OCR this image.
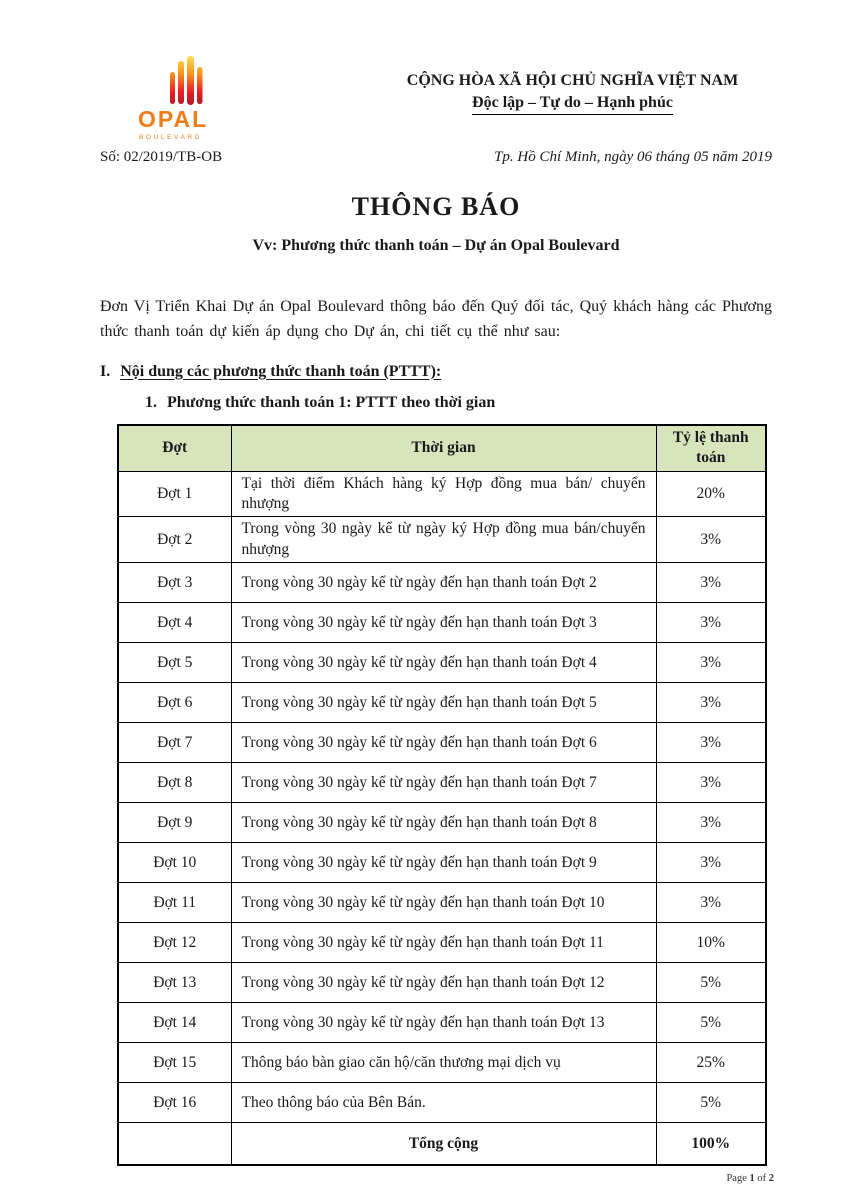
OPAL
BOULEVARD
CỘNG HÒA XÃ HỘI CHỦ NGHĨA VIỆT NAM
Độc lập – Tự do – Hạnh phúc
Số: 02/2019/TB-OB	Tp. Hồ Chí Minh, ngày 06 tháng 05 năm 2019
THÔNG BÁO
Vv: Phương thức thanh toán – Dự án Opal Boulevard

Đơn Vị Triển Khai Dự án Opal Boulevard thông báo đến Quý đối tác, Quý khách hàng các Phương thức thanh toán dự kiến áp dụng cho Dự án, chi tiết cụ thể như sau:

I. Nội dung các phương thức thanh toán (PTTT):
1. Phương thức thanh toán 1: PTTT theo thời gian
Đợt	Thời gian	Tỷ lệ thanh toán
Đợt 1	Tại thời điểm Khách hàng ký Hợp đồng mua bán/ chuyển nhượng	20%
Đợt 2	Trong vòng 30 ngày kể từ ngày ký Hợp đồng mua bán/chuyển nhượng	3%
Đợt 3	Trong vòng 30 ngày kể từ ngày đến hạn thanh toán Đợt 2	3%
Đợt 4	Trong vòng 30 ngày kể từ ngày đến hạn thanh toán Đợt 3	3%
Đợt 5	Trong vòng 30 ngày kể từ ngày đến hạn thanh toán Đợt 4	3%
Đợt 6	Trong vòng 30 ngày kể từ ngày đến hạn thanh toán Đợt 5	3%
Đợt 7	Trong vòng 30 ngày kể từ ngày đến hạn thanh toán Đợt 6	3%
Đợt 8	Trong vòng 30 ngày kể từ ngày đến hạn thanh toán Đợt 7	3%
Đợt 9	Trong vòng 30 ngày kể từ ngày đến hạn thanh toán Đợt 8	3%
Đợt 10	Trong vòng 30 ngày kể từ ngày đến hạn thanh toán Đợt 9	3%
Đợt 11	Trong vòng 30 ngày kể từ ngày đến hạn thanh toán Đợt 10	3%
Đợt 12	Trong vòng 30 ngày kể từ ngày đến hạn thanh toán Đợt 11	10%
Đợt 13	Trong vòng 30 ngày kể từ ngày đến hạn thanh toán Đợt 12	5%
Đợt 14	Trong vòng 30 ngày kể từ ngày đến hạn thanh toán Đợt 13	5%
Đợt 15	Thông báo bàn giao căn hộ/căn thương mại dịch vụ	25%
Đợt 16	Theo thông báo của Bên Bán.	5%
	Tổng cộng	100%
Page 1 of 2
